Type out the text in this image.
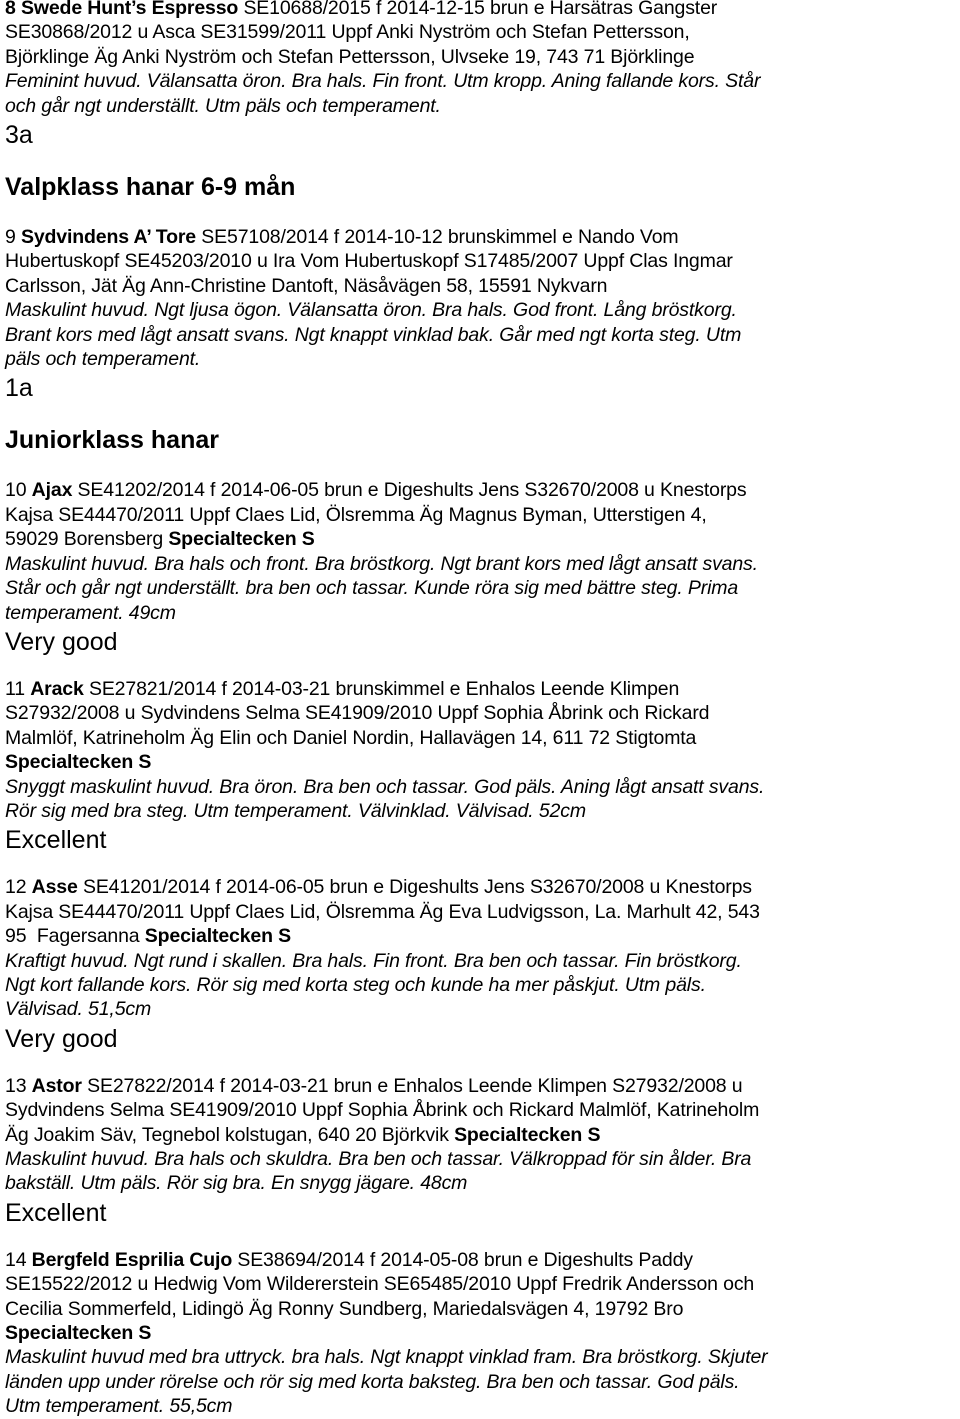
8 Swede Hunt’s Espresso SE10688/2015 f 2014-12-15 brun e Harsätras Gangster
SE30868/2012 u Asca SE31599/2011 Uppf Anki Nyström och Stefan Pettersson,
Björklinge Äg Anki Nyström och Stefan Pettersson, Ulvseke 19, 743 71 Björklinge
Feminint huvud. Välansatta öron. Bra hals. Fin front. Utm kropp. Aning fallande kors. Står
och går ngt underställt. Utm päls och temperament.
3a
Valpklass hanar 6-9 mån
9 Sydvindens A’ Tore SE57108/2014 f 2014-10-12 brunskimmel e Nando Vom
Hubertuskopf SE45203/2010 u Ira Vom Hubertuskopf S17485/2007 Uppf Clas Ingmar
Carlsson, Jät Äg Ann-Christine Dantoft, Näsåvägen 58, 15591 Nykvarn
Maskulint huvud. Ngt ljusa ögon. Välansatta öron. Bra hals. God front. Lång bröstkorg.
Brant kors med lågt ansatt svans. Ngt knappt vinklad bak. Går med ngt korta steg. Utm
päls och temperament.
1a
Juniorklass hanar
10 Ajax SE41202/2014 f 2014-06-05 brun e Digeshults Jens S32670/2008 u Knestorps
Kajsa SE44470/2011 Uppf Claes Lid, Ölsremma Äg Magnus Byman, Utterstigen 4,
59029 Borensberg Specialtecken S
Maskulint huvud. Bra hals och front. Bra bröstkorg. Ngt brant kors med lågt ansatt svans.
Står och går ngt underställt. bra ben och tassar. Kunde röra sig med bättre steg. Prima
temperament. 49cm
Very good
11 Arack SE27821/2014 f 2014-03-21 brunskimmel e Enhalos Leende Klimpen
S27932/2008 u Sydvindens Selma SE41909/2010 Uppf Sophia Åbrink och Rickard
Malmlöf, Katrineholm Äg Elin och Daniel Nordin, Hallavägen 14, 611 72 Stigtomta
Specialtecken S
Snyggt maskulint huvud. Bra öron. Bra ben och tassar. God päls. Aning lågt ansatt svans.
Rör sig med bra steg. Utm temperament. Välvinklad. Välvisad. 52cm
Excellent
12 Asse SE41201/2014 f 2014-06-05 brun e Digeshults Jens S32670/2008 u Knestorps
Kajsa SE44470/2011 Uppf Claes Lid, Ölsremma Äg Eva Ludvigsson, La. Marhult 42, 543
95  Fagersanna Specialtecken S
Kraftigt huvud. Ngt rund i skallen. Bra hals. Fin front. Bra ben och tassar. Fin bröstkorg.
Ngt kort fallande kors. Rör sig med korta steg och kunde ha mer påskjut. Utm päls.
Välvisad. 51,5cm
Very good
13 Astor SE27822/2014 f 2014-03-21 brun e Enhalos Leende Klimpen S27932/2008 u
Sydvindens Selma SE41909/2010 Uppf Sophia Åbrink och Rickard Malmlöf, Katrineholm
Äg Joakim Säv, Tegnebol kolstugan, 640 20 Björkvik Specialtecken S
Maskulint huvud. Bra hals och skuldra. Bra ben och tassar. Välkroppad för sin ålder. Bra
bakställ. Utm päls. Rör sig bra. En snygg jägare. 48cm
Excellent
14 Bergfeld Esprilia Cujo SE38694/2014 f 2014-05-08 brun e Digeshults Paddy
SE15522/2012 u Hedwig Vom Wildererstein SE65485/2010 Uppf Fredrik Andersson och
Cecilia Sommerfeld, Lidingö Äg Ronny Sundberg, Mariedalsvägen 4, 19792 Bro
Specialtecken S
Maskulint huvud med bra uttryck. bra hals. Ngt knappt vinklad fram. Bra bröstkorg. Skjuter
länden upp under rörelse och rör sig med korta baksteg. Bra ben och tassar. God päls.
Utm temperament. 55,5cm
